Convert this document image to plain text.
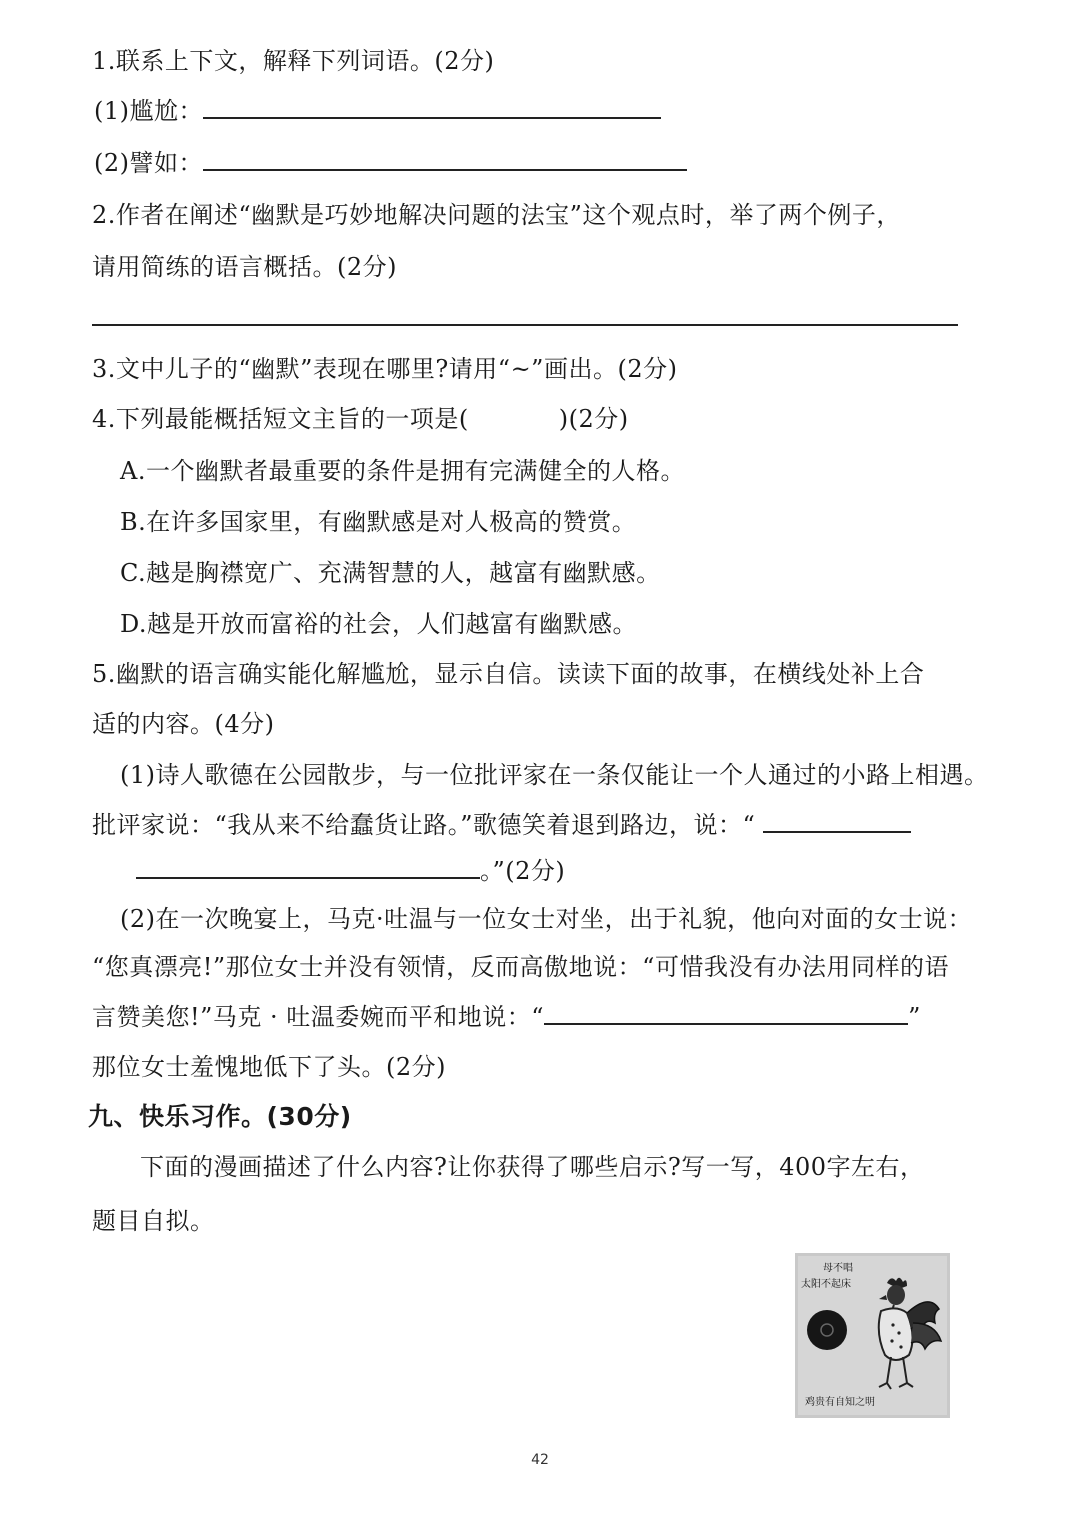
1.联系上下文，解释下列词语。(2分)
(1)尴尬：
(2)譬如：
2.作者在阐述“幽默是巧妙地解决问题的法宝”这个观点时，举了两个例子，
请用简练的语言概括。(2分)
3.文中儿子的“幽默”表现在哪里?请用“~”画出。(2分)
4.下列最能概括短文主旨的一项是(	)(2分)
A.一个幽默者最重要的条件是拥有完满健全的人格。
B.在许多国家里，有幽默感是对人极高的赞赏。
C.越是胸襟宽广、充满智慧的人，越富有幽默感。
D.越是开放而富裕的社会，人们越富有幽默感。
5.幽默的语言确实能化解尴尬，显示自信。读读下面的故事，在横线处补上合
适的内容。(4分)
(1)诗人歌德在公园散步，与一位批评家在一条仅能让一个人通过的小路上相遇。
批评家说：“我从来不给蠢货让路。”歌德笑着退到路边，说：“
。”(2分)
(2)在一次晚宴上，马克·吐温与一位女士对坐，出于礼貌，他向对面的女士说：
“您真漂亮!”那位女士并没有领情，反而高傲地说：“可惜我没有办法用同样的语
言赞美您!”马克 · 吐温委婉而平和地说：“	”
那位女士羞愧地低下了头。(2分)
九、快乐习作。(30分)
下面的漫画描述了什么内容?让你获得了哪些启示?写一写，400字左右，
题目自拟。
母不唱
太阳不起床
鸡贵有自知之明
42
